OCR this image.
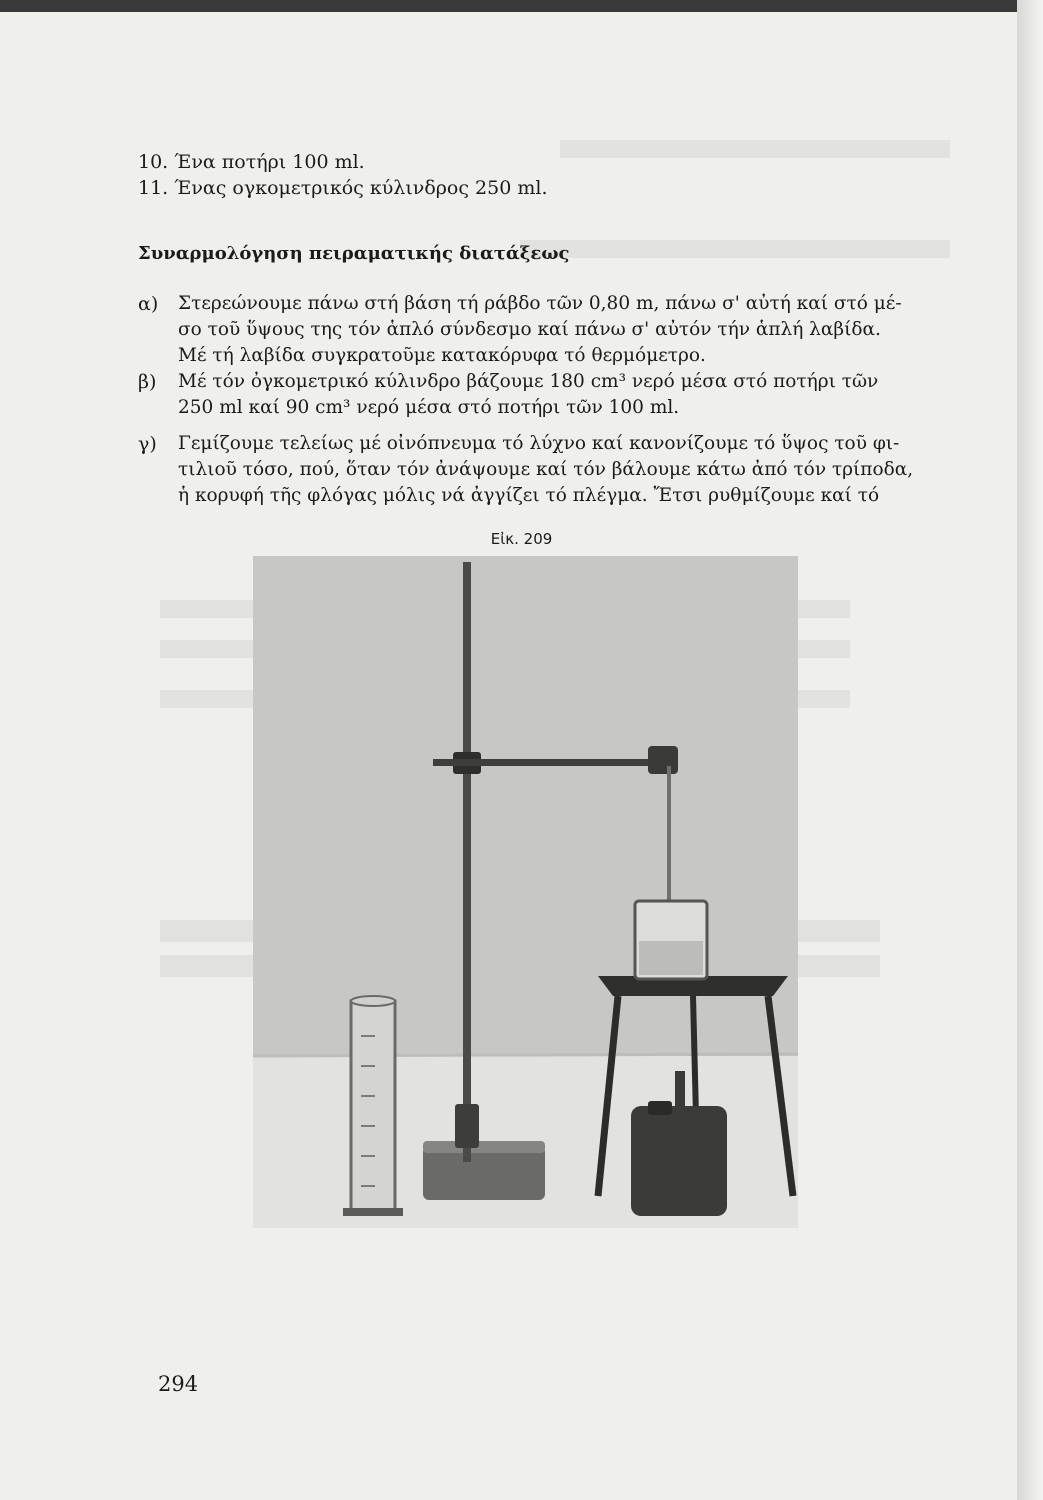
10. Ένα ποτήρι 100 ml.
11. Ένας ογκομετρικός κύλινδρος 250 ml.
Συναρμολόγηση πειραματικής διατάξεως
α) Στερεώνουμε πάνω στή βάση τή ράβδο τῶν 0,80 m, πάνω σ' αὐτή καί στό μέ-
σο τοῦ ὕψους της τόν ἁπλό σύνδεσμο καί πάνω σ' αὐτόν τήν ἁπλή λαβίδα.
Μέ τή λαβίδα συγκρατοῦμε κατακόρυφα τό θερμόμετρο.
β) Μέ τόν ὀγκομετρικό κύλινδρο βάζουμε 180 cm³ νερό μέσα στό ποτήρι τῶν
250 ml καί 90 cm³ νερό μέσα στό ποτήρι τῶν 100 ml.
γ) Γεμίζουμε τελείως μέ οἰνόπνευμα τό λύχνο καί κανονίζουμε τό ὕψος τοῦ φι-
τιλιοῦ τόσο, πού, ὅταν τόν ἀνάψουμε καί τόν βάλουμε κάτω ἀπό τόν τρίποδα,
ἡ κορυφή τῆς φλόγας μόλις νά ἀγγίζει τό πλέγμα. Ἔτσι ρυθμίζουμε καί τό
Εἰκ. 209
294
